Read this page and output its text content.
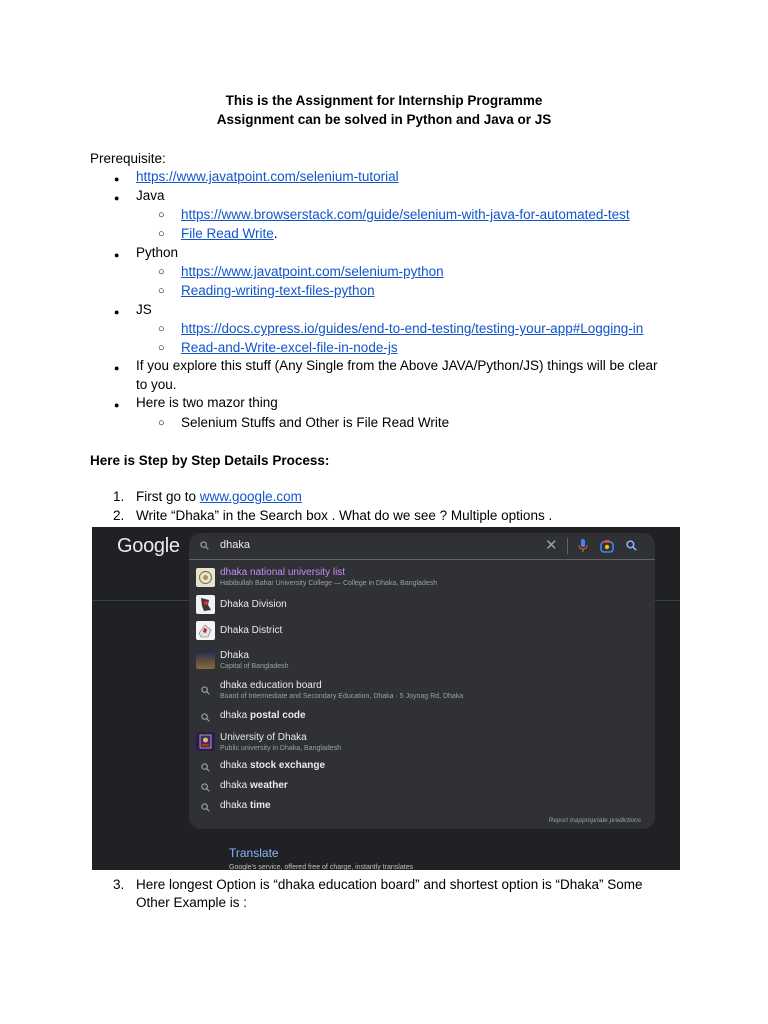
This is the Assignment for Internship Programme
Assignment can be solved in Python and Java or JS
Prerequisite:
● https://www.javatpoint.com/selenium-tutorial
● Java
○ https://www.browserstack.com/guide/selenium-with-java-for-automated-test
○ File Read Write.
● Python
○ https://www.javatpoint.com/selenium-python
○ Reading-writing-text-files-python
● JS
○ https://docs.cypress.io/guides/end-to-end-testing/testing-your-app#Logging-in
○ Read-and-Write-excel-file-in-node-js
● If you explore this stuff (Any Single from the Above JAVA/Python/JS) things will be clear
to you.
● Here is two mazor thing
○ Selenium Stuffs and Other is File Read Write
Here is Step by Step Details Process:
1. First go to www.google.com
2. Write “Dhaka” in the Search box . What do we see ? Multiple options .
Google	dhaka	✕
dhaka national university list
Habibullah Bahar University College — College in Dhaka, Bangladesh
Dhaka Division
Dhaka District
Dhaka
Capital of Bangladesh
dhaka education board
Board of Intermediate and Secondary Education, Dhaka · 5 Joynag Rd, Dhaka
dhaka postal code
University of Dhaka
Public university in Dhaka, Bangladesh
dhaka stock exchange
dhaka weather
dhaka time
Report inappropriate predictions
Translate
Google's service, offered free of charge, instantly translates
3. Here longest Option is “dhaka education board” and shortest option is “Dhaka” Some
Other Example is :
